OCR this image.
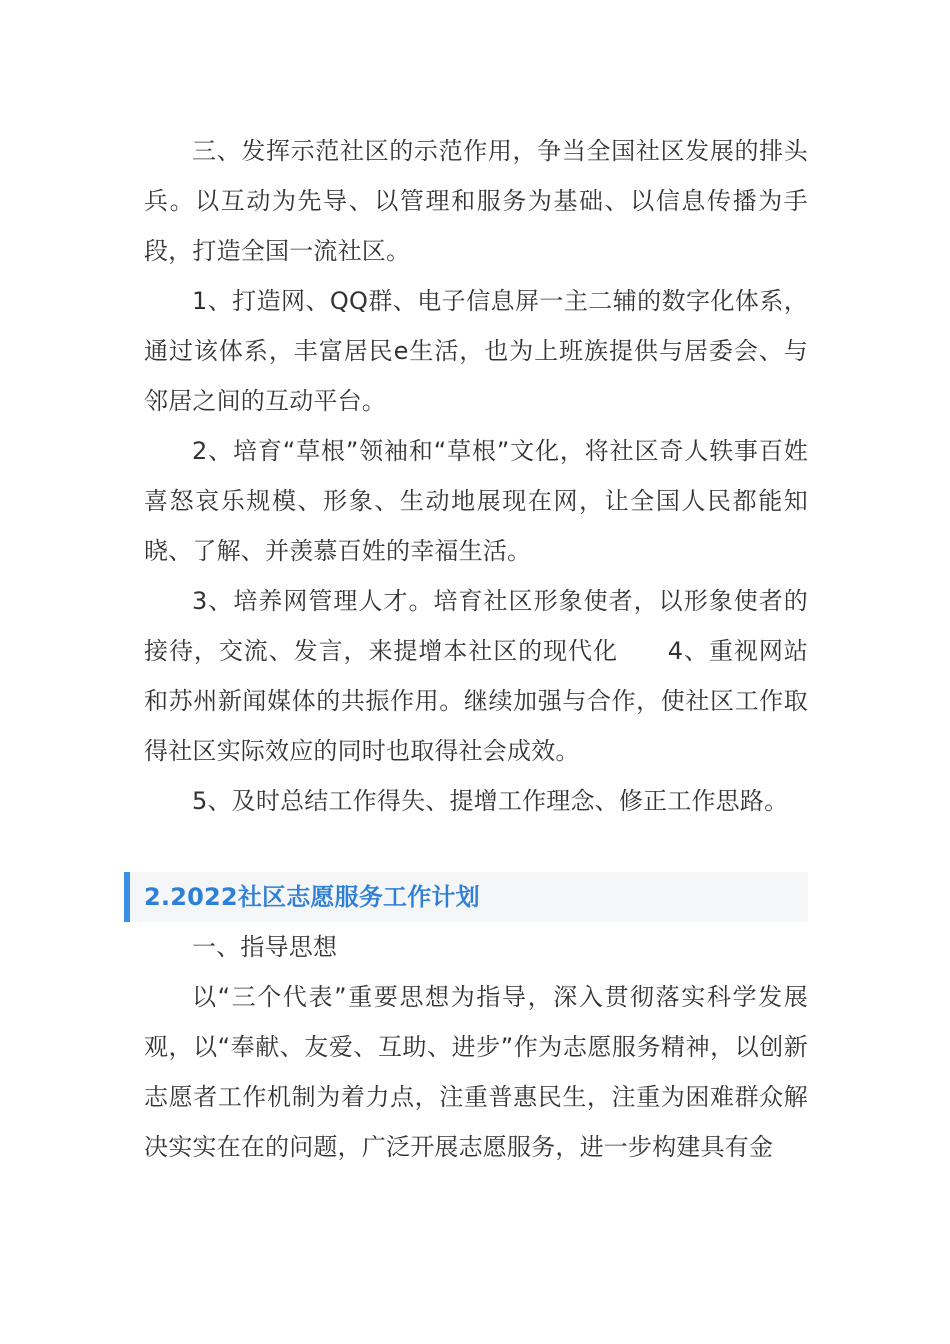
三、发挥示范社区的示范作用，争当全国社区发展的排头兵。以互动为先导、以管理和服务为基础、以信息传播为手段，打造全国一流社区。

1、打造网、QQ群、电子信息屏一主二辅的数字化体系，通过该体系，丰富居民e生活，也为上班族提供与居委会、与邻居之间的互动平台。

2、培育“草根”领袖和“草根”文化，将社区奇人轶事百姓喜怒哀乐规模、形象、生动地展现在网，让全国人民都能知晓、了解、并羡慕百姓的幸福生活。

3、培养网管理人才。培育社区形象使者，以形象使者的接待，交流、发言，来提增本社区的现代化　　4、重视网站和苏州新闻媒体的共振作用。继续加强与合作，使社区工作取得社区实际效应的同时也取得社会成效。

5、及时总结工作得失、提增工作理念、修正工作思路。

2.2022社区志愿服务工作计划

一、指导思想

以“三个代表”重要思想为指导，深入贯彻落实科学发展观，以“奉献、友爱、互助、进步”作为志愿服务精神，以创新志愿者工作机制为着力点，注重普惠民生，注重为困难群众解决实实在在的问题，广泛开展志愿服务，进一步构建具有金
